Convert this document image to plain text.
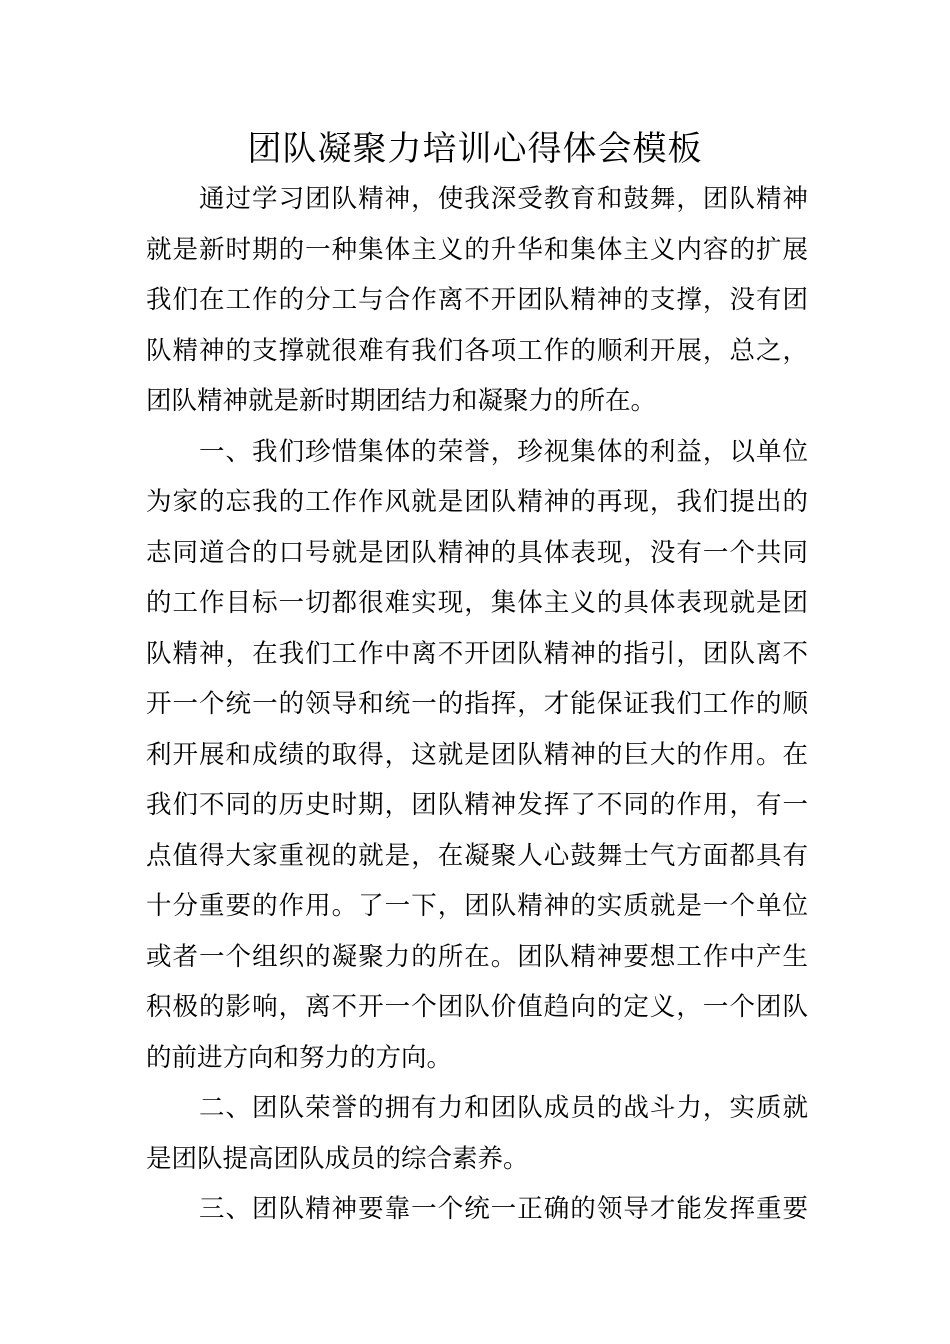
团队凝聚力培训心得体会模板
通过学习团队精神，使我深受教育和鼓舞，团队精神
就是新时期的一种集体主义的升华和集体主义内容的扩展
我们在工作的分工与合作离不开团队精神的支撑，没有团
队精神的支撑就很难有我们各项工作的顺利开展，总之，
团队精神就是新时期团结力和凝聚力的所在。
一、我们珍惜集体的荣誉，珍视集体的利益，以单位
为家的忘我的工作作风就是团队精神的再现，我们提出的
志同道合的口号就是团队精神的具体表现，没有一个共同
的工作目标一切都很难实现，集体主义的具体表现就是团
队精神，在我们工作中离不开团队精神的指引，团队离不
开一个统一的领导和统一的指挥，才能保证我们工作的顺
利开展和成绩的取得，这就是团队精神的巨大的作用。在
我们不同的历史时期，团队精神发挥了不同的作用，有一
点值得大家重视的就是，在凝聚人心鼓舞士气方面都具有
十分重要的作用。了一下，团队精神的实质就是一个单位
或者一个组织的凝聚力的所在。团队精神要想工作中产生
积极的影响，离不开一个团队价值趋向的定义，一个团队
的前进方向和努力的方向。
二、团队荣誉的拥有力和团队成员的战斗力，实质就
是团队提高团队成员的综合素养。
三、团队精神要靠一个统一正确的领导才能发挥重要
